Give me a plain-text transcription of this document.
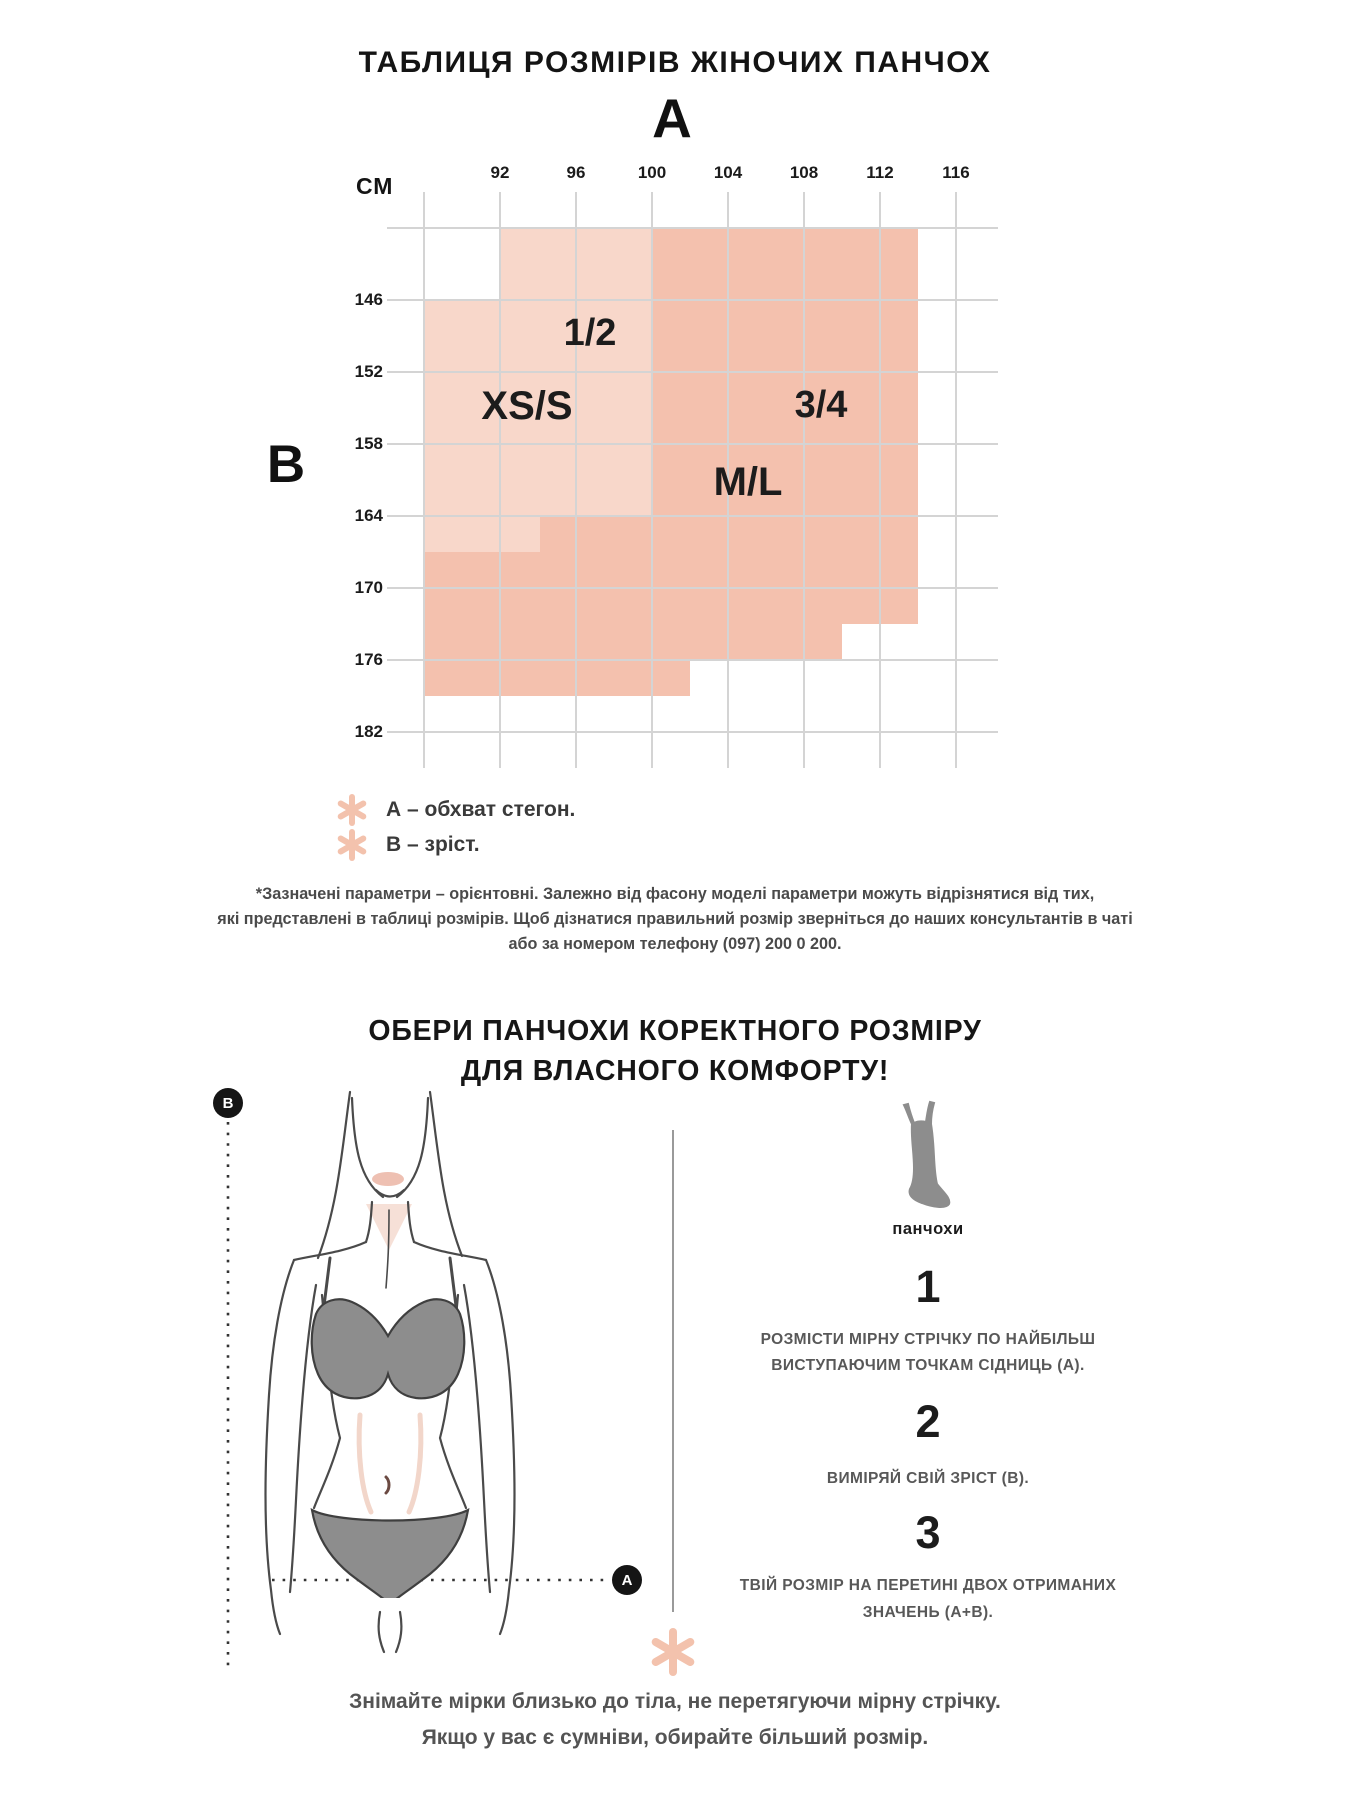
ТАБЛИЦЯ РОЗМІРІВ ЖІНОЧИХ ПАНЧОХ
A
B
СМ
92	96	100	104	108	112	116
146
152
158
164
170
176
182
XS/S
1/2
M/L
3/4
А – обхват стегон.
В – зріст.
*Зазначені параметри – орієнтовні. Залежно від фасону моделі параметри можуть відрізнятися від тих,
які представлені в таблиці розмірів. Щоб дізнатися правильний розмір зверніться до наших консультантів в чаті
або за номером телефону (097) 200 0 200.
ОБЕРИ ПАНЧОХИ КОРЕКТНОГО РОЗМІРУ
ДЛЯ ВЛАСНОГО КОМФОРТУ!
B
A
панчохи
1
РОЗМІСТИ МІРНУ СТРІЧКУ ПО НАЙБІЛЬШ
ВИСТУПАЮЧИМ ТОЧКАМ СІДНИЦЬ (А).
2
ВИМІРЯЙ СВІЙ ЗРІСТ (В).
3
ТВІЙ РОЗМІР НА ПЕРЕТИНІ ДВОХ ОТРИМАНИХ
ЗНАЧЕНЬ (А+В).
Знімайте мірки близько до тіла, не перетягуючи мірну стрічку.
Якщо у вас є сумніви, обирайте більший розмір.
